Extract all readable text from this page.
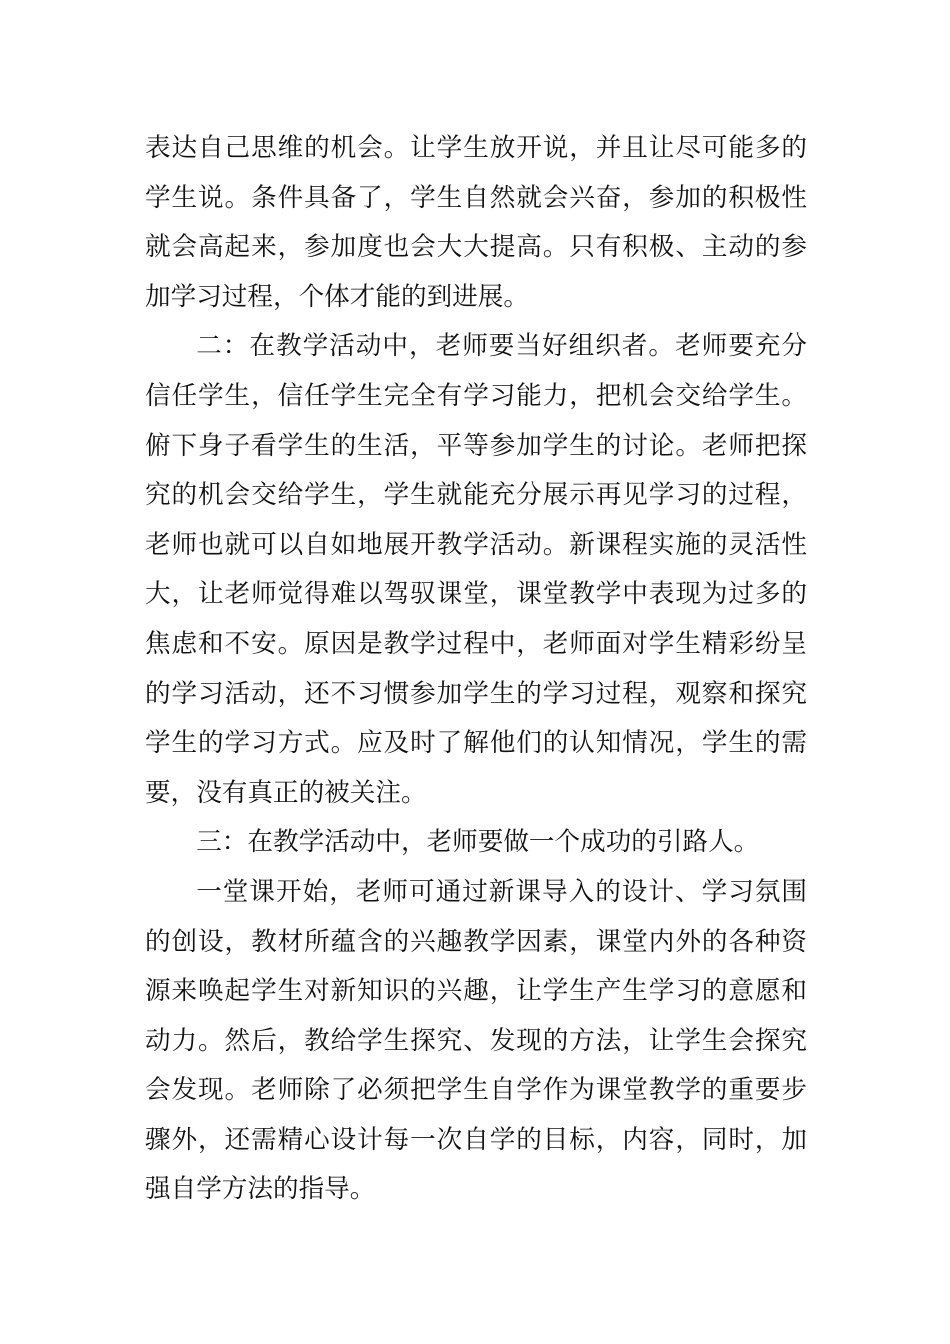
表达自己思维的机会。让学生放开说，并且让尽可能多的学生说。条件具备了，学生自然就会兴奋，参加的积极性就会高起来，参加度也会大大提高。只有积极、主动的参加学习过程，个体才能的到进展。

二：在教学活动中，老师要当好组织者。老师要充分信任学生，信任学生完全有学习能力，把机会交给学生。俯下身子看学生的生活，平等参加学生的讨论。老师把探究的机会交给学生，学生就能充分展示再见学习的过程，老师也就可以自如地展开教学活动。新课程实施的灵活性大，让老师觉得难以驾驭课堂，课堂教学中表现为过多的焦虑和不安。原因是教学过程中，老师面对学生精彩纷呈的学习活动，还不习惯参加学生的学习过程，观察和探究学生的学习方式。应及时了解他们的认知情况，学生的需要，没有真正的被关注。

三：在教学活动中，老师要做一个成功的引路人。

一堂课开始，老师可通过新课导入的设计、学习氛围的创设，教材所蕴含的兴趣教学因素，课堂内外的各种资源来唤起学生对新知识的兴趣，让学生产生学习的意愿和动力。然后，教给学生探究、发现的方法，让学生会探究会发现。老师除了必须把学生自学作为课堂教学的重要步骤外，还需精心设计每一次自学的目标，内容，同时，加强自学方法的指导。
